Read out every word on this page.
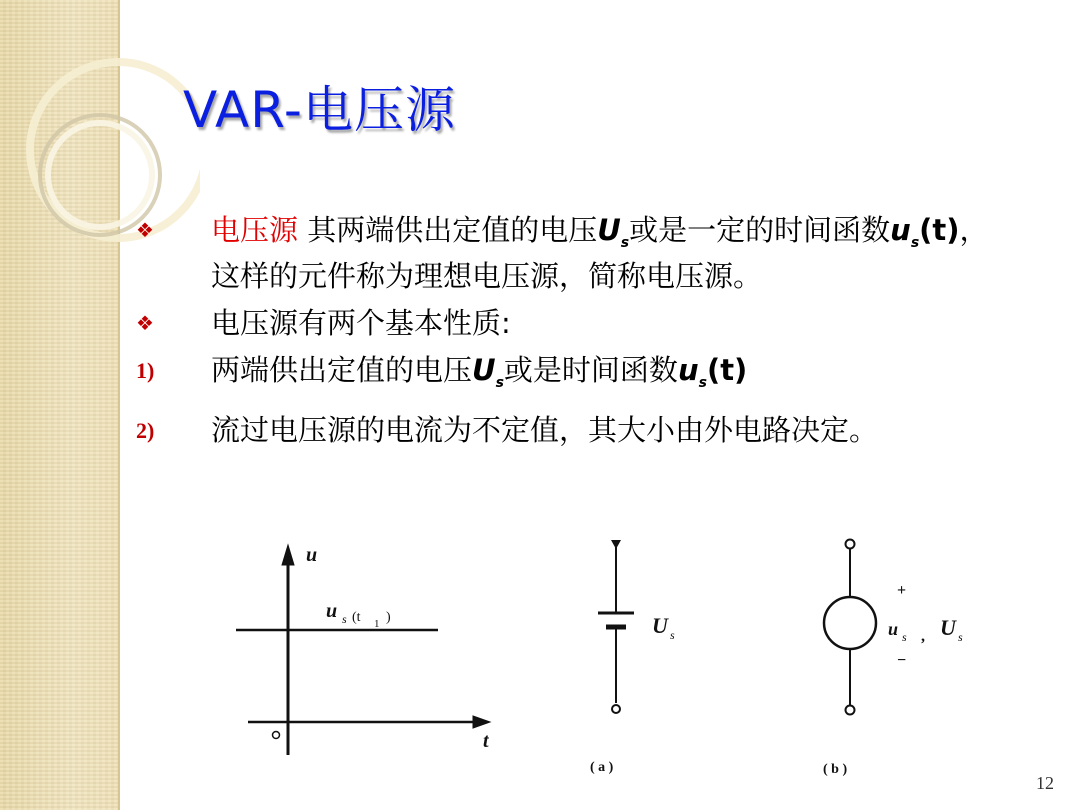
VAR-电压源
❖	电压源 其两端供出定值的电压$U_s$或是一定的时间函数$u_s(t)$，这样的元件称为理想电压源，简称电压源。
❖	电压源有两个基本性质:
1)	两端供出定值的电压$U_s$或是时间函数$u_s(t)$
2)	流过电压源的电流为不定值，其大小由外电路决定。
u
t
u s (t 1 )	U s
( a )
+
−
u s , U s
( b )
12
